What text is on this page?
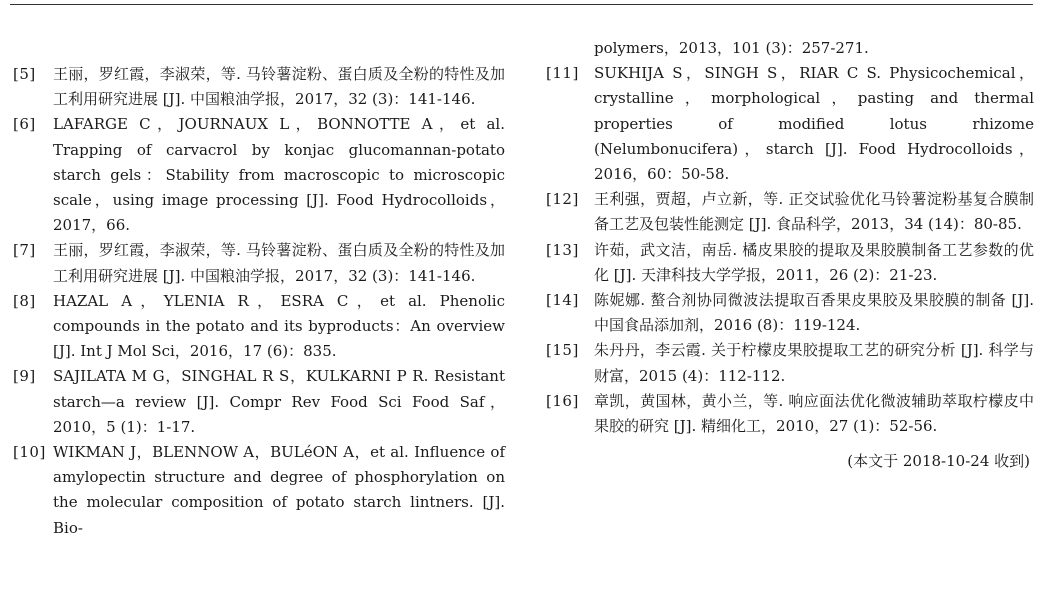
[5]	王丽，罗红霞，李淑荣，等. 马铃薯淀粉、蛋白质及全粉的特性及加工利用研究进展 [J]. 中国粮油学报，2017，32 (3)：141-146.
[6]	LAFARGE C，JOURNAUX L，BONNOTTE A，et al. Trapping of carvacrol by konjac glucomannan-potato starch gels：Stability from macroscopic to microscopic scale，using image processing [J]. Food Hydrocolloids，2017，66.
[7]	王丽，罗红霞，李淑荣，等. 马铃薯淀粉、蛋白质及全粉的特性及加工利用研究进展 [J]. 中国粮油学报，2017，32 (3)：141-146.
[8]	HAZAL A，YLENIA R，ESRA C，et al. Phenolic compounds in the potato and its byproducts：An overview [J]. Int J Mol Sci，2016，17 (6)：835.
[9]	SAJILATA M G，SINGHAL R S，KULKARNI P R. Resistant starch—a review [J]. Compr Rev Food Sci Food Saf，2010，5 (1)：1-17.
[10] WIKMAN J，BLENNOW A，BULéON A，et al. Influence of amylopectin structure and degree of phosphorylation on the molecular composition of potato starch lintners. [J]. Bio-
polymers，2013，101 (3)：257-271.
[11]	SUKHIJA S，SINGH S，RIAR C S. Physicochemical，crystalline，morphological，pasting and thermal properties of modified lotus rhizome (Nelumbonucifera)，starch [J]. Food Hydrocolloids，2016，60：50-58.
[12]	王利强，贾超，卢立新，等. 正交试验优化马铃薯淀粉基复合膜制备工艺及包装性能测定 [J]. 食品科学，2013，34 (14)：80-85.
[13]	许茹，武文洁，南岳. 橘皮果胶的提取及果胶膜制备工艺参数的优化 [J]. 天津科技大学学报，2011，26 (2)：21-23.
[14]	陈妮娜. 螯合剂协同微波法提取百香果皮果胶及果胶膜的制备 [J]. 中国食品添加剂，2016 (8)：119-124.
[15]	朱丹丹，李云霞. 关于柠檬皮果胶提取工艺的研究分析 [J]. 科学与财富，2015 (4)：112-112.
[16]	章凯，黄国林，黄小兰，等. 响应面法优化微波辅助萃取柠檬皮中果胶的研究 [J]. 精细化工，2010，27 (1)：52-56.
(本文于 2018-10-24 收到)
